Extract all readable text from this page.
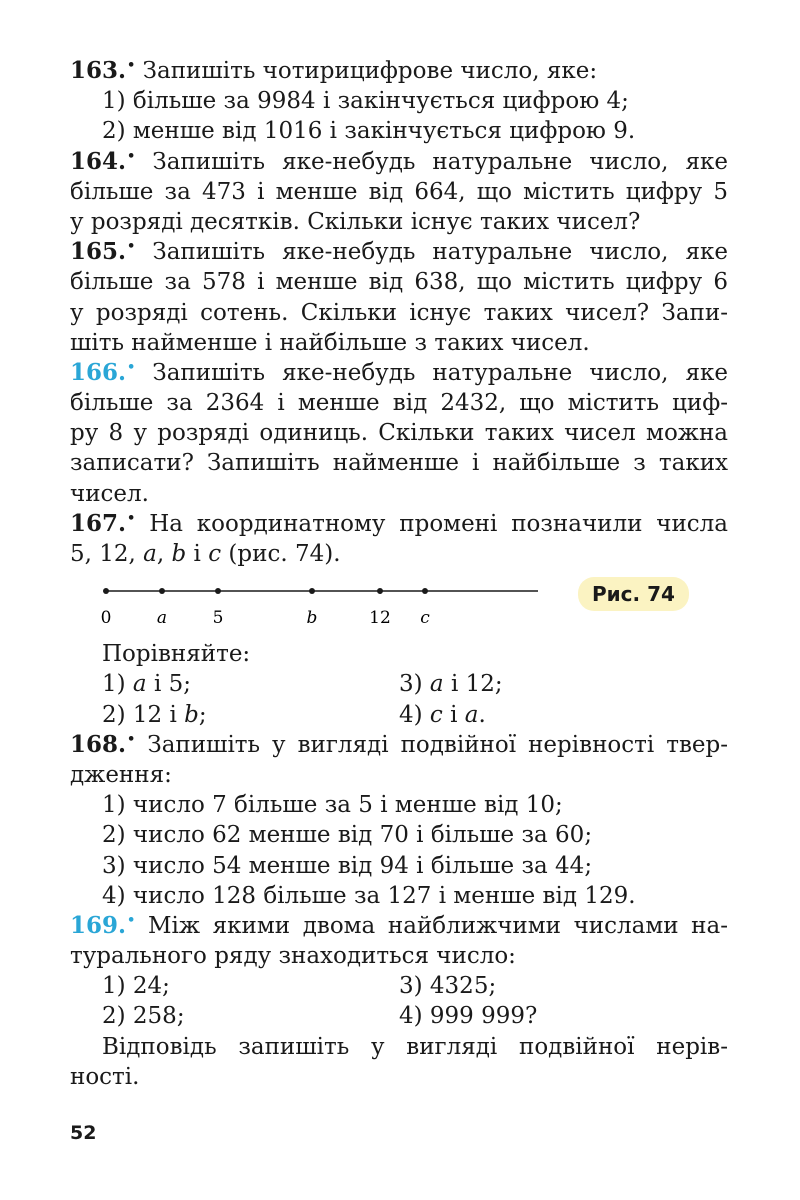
163.• Запишіть чотирицифрове число, яке:
1) більше за 9984 і закінчується цифрою 4;
2) менше від 1016 і закінчується цифрою 9.
164.• Запишіть яке-небудь натуральне число, яке
більше за 473 і менше від 664, що містить цифру 5
у розряді десятків. Скільки існує таких чисел?
165.• Запишіть яке-небудь натуральне число, яке
більше за 578 і менше від 638, що містить цифру 6
у розряді сотень. Скільки існує таких чисел? Запи-
шіть найменше і найбільше з таких чисел.
166.• Запишіть яке-небудь натуральне число, яке
більше за 2364 і менше від 2432, що містить циф-
ру 8 у розряді одиниць. Скільки таких чисел можна
записати? Запишіть найменше і найбільше з таких
чисел.
167.• На координатному промені позначили числа
5, 12, a, b і c (рис. 74).
0	a	5	b	12 c
Рис. 74
Порівняйте:
1) a і 5;	3) a і 12;
2) 12 і b;	4) c і a.
168.• Запишіть у вигляді подвійної нерівності твер-
дження:
1) число 7 більше за 5 і менше від 10;
2) число 62 менше від 70 і більше за 60;
3) число 54 менше від 94 і більше за 44;
4) число 128 більше за 127 і менше від 129.
169.• Між якими двома найближчими числами на-
турального ряду знаходиться число:
1) 24;	3) 4325;
2) 258;	4) 999 999?
Відповідь запишіть у вигляді подвійної нерів-
ності.
52
